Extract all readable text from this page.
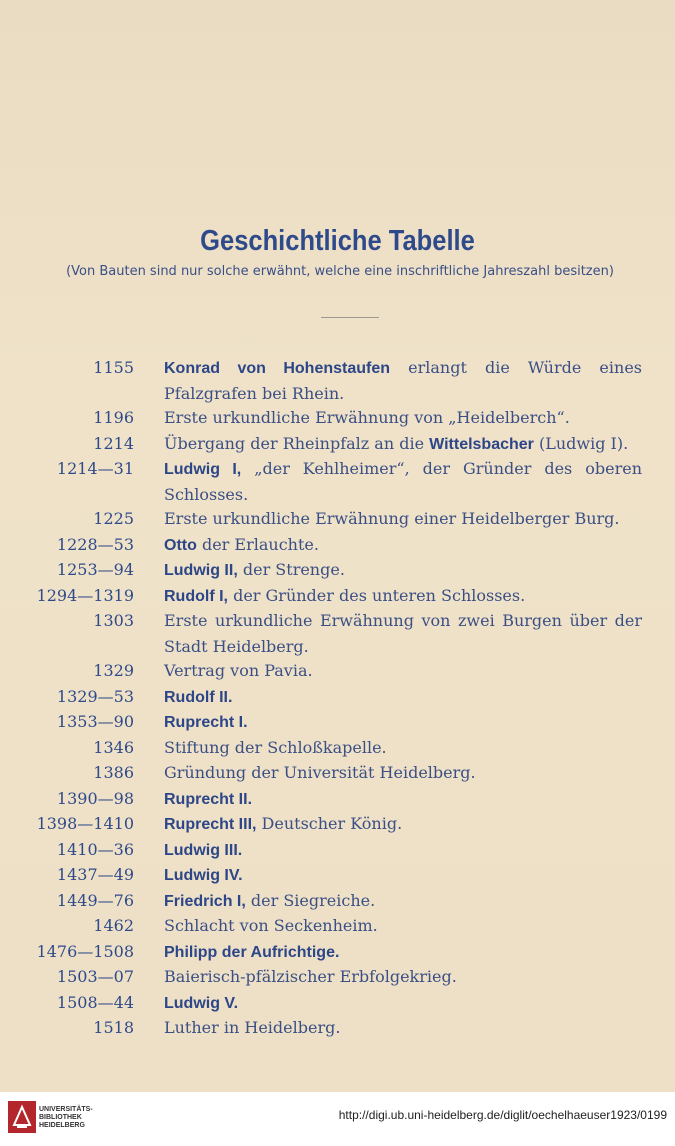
Geschichtliche Tabelle
(Von Bauten sind nur solche erwähnt, welche eine inschriftliche Jahreszahl besitzen)
1155	Konrad von Hohenstaufen erlangt die Würde eines Pfalzgrafen bei Rhein.
1196	Erste urkundliche Erwähnung von „Heidelberch“.
1214	Übergang der Rheinpfalz an die Wittelsbacher (Ludwig I).
1214—31	Ludwig I, „der Kehlheimer“, der Gründer des oberen Schlosses.
1225	Erste urkundliche Erwähnung einer Heidelberger Burg.
1228—53	Otto der Erlauchte.
1253—94	Ludwig II, der Strenge.
1294—1319	Rudolf I, der Gründer des unteren Schlosses.
1303	Erste urkundliche Erwähnung von zwei Burgen über der Stadt Heidelberg.
1329	Vertrag von Pavia.
1329—53	Rudolf II.
1353—90	Ruprecht I.
1346	Stiftung der Schloßkapelle.
1386	Gründung der Universität Heidelberg.
1390—98	Ruprecht II.
1398—1410	Ruprecht III, Deutscher König.
1410—36	Ludwig III.
1437—49	Ludwig IV.
1449—76	Friedrich I, der Siegreiche.
1462	Schlacht von Seckenheim.
1476—1508	Philipp der Aufrichtige.
1503—07	Baierisch-pfälzischer Erbfolgekrieg.
1508—44	Ludwig V.
1518	Luther in Heidelberg.
UNIVERSITÄTS-
BIBLIOTHEK
HEIDELBERG
http://digi.ub.uni-heidelberg.de/diglit/oechelhaeuser1923/0199
